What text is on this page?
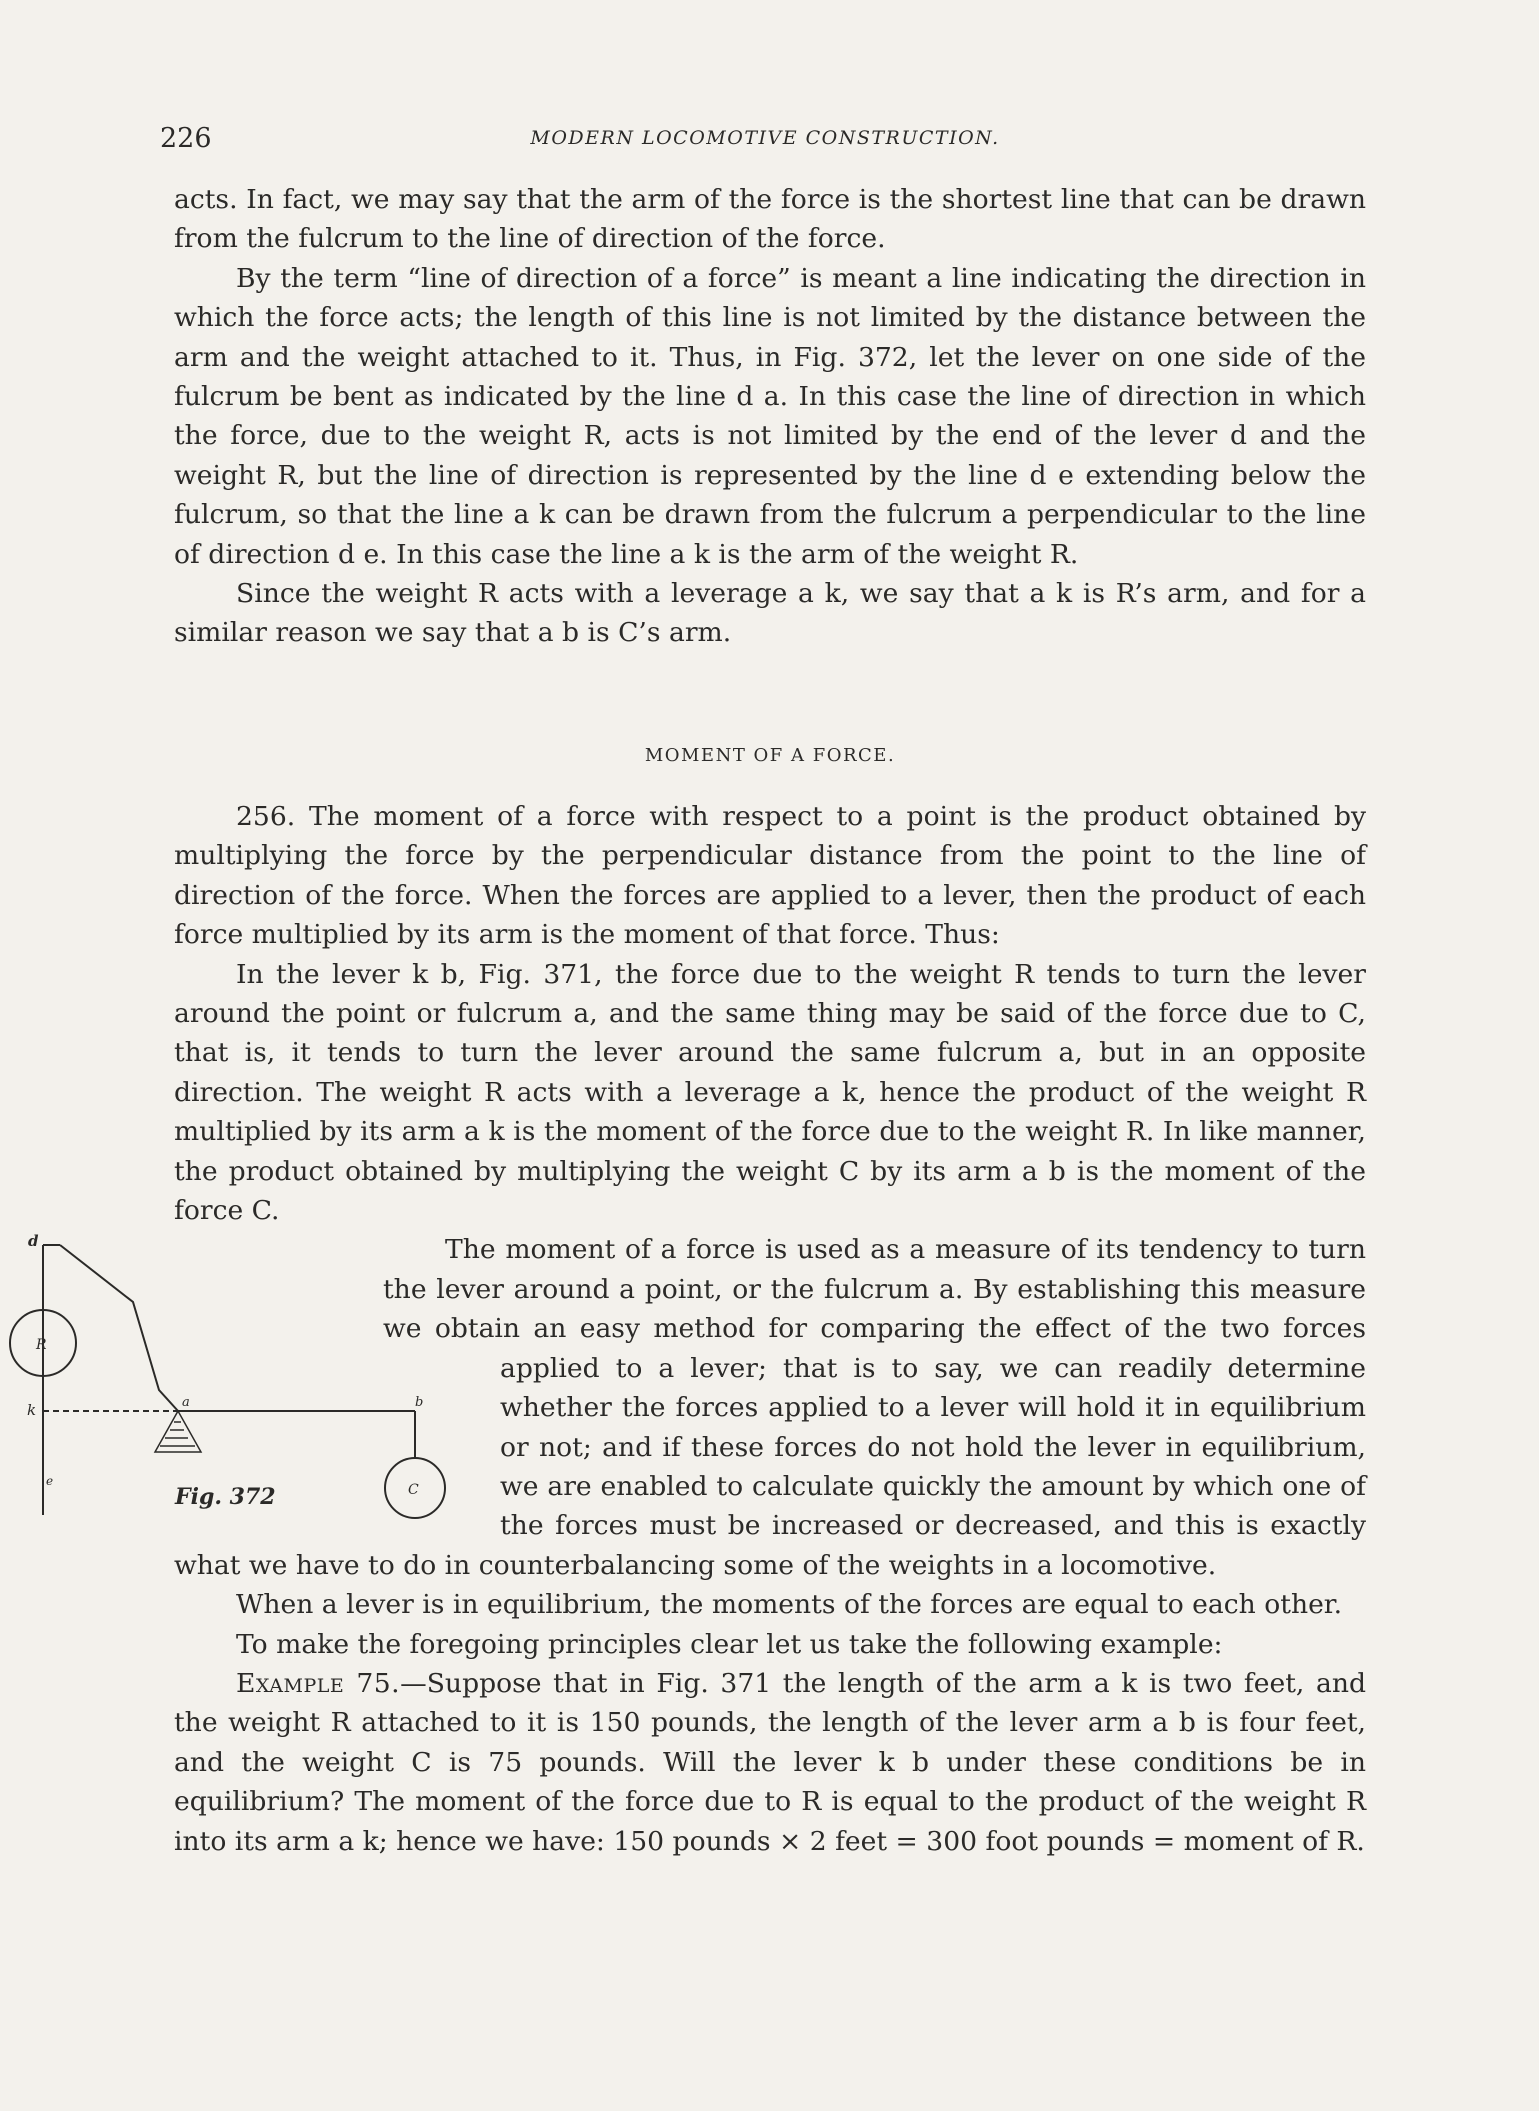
226	MODERN LOCOMOTIVE CONSTRUCTION.

acts. In fact, we may say that the arm of the force is the shortest line that can be drawn from the fulcrum to the line of direction of the force.

By the term “line of direction of a force” is meant a line indicating the direction in which the force acts; the length of this line is not limited by the distance between the arm and the weight attached to it. Thus, in Fig. 372, let the lever on one side of the fulcrum be bent as indicated by the line d a. In this case the line of direction in which the force, due to the weight R, acts is not limited by the end of the lever d and the weight R, but the line of direction is represented by the line d e extending below the fulcrum, so that the line a k can be drawn from the fulcrum a perpendicular to the line of direction d e. In this case the line a k is the arm of the weight R.

Since the weight R acts with a leverage a k, we say that a k is R’s arm, and for a similar reason we say that a b is C’s arm.

MOMENT OF A FORCE.

256. The moment of a force with respect to a point is the product obtained by multiplying the force by the perpendicular distance from the point to the line of direction of the force. When the forces are applied to a lever, then the product of each force multiplied by its arm is the moment of that force. Thus:

In the lever k b, Fig. 371, the force due to the weight R tends to turn the lever around the point or fulcrum a, and the same thing may be said of the force due to C, that is, it tends to turn the lever around the same fulcrum a, but in an opposite direction. The weight R acts with a leverage a k, hence the product of the weight R multiplied by its arm a k is the moment of the force due to the weight R. In like manner, the product obtained by multiplying the weight C by its arm a b is the moment of the force C.

d
R
k	a	b
e
C
Fig. 372

The moment of a force is used as a measure of its tendency to turn the lever around a point, or the fulcrum a. By establishing this measure we obtain an easy method for comparing the effect of the two forces applied to a lever; that is to say, we can readily determine whether the forces applied to a lever will hold it in equilibrium or not; and if these forces do not hold the lever in equilibrium, we are enabled to calculate quickly the amount by which one of the forces must be increased or decreased, and this is exactly what we have to do in counterbalancing some of the weights in a locomotive.

When a lever is in equilibrium, the moments of the forces are equal to each other.

To make the foregoing principles clear let us take the following example:

Example 75.—Suppose that in Fig. 371 the length of the arm a k is two feet, and the weight R attached to it is 150 pounds, the length of the lever arm a b is four feet, and the weight C is 75 pounds. Will the lever k b under these conditions be in equilibrium? The moment of the force due to R is equal to the product of the weight R into its arm a k; hence we have: 150 pounds × 2 feet = 300 foot pounds = moment of R.
